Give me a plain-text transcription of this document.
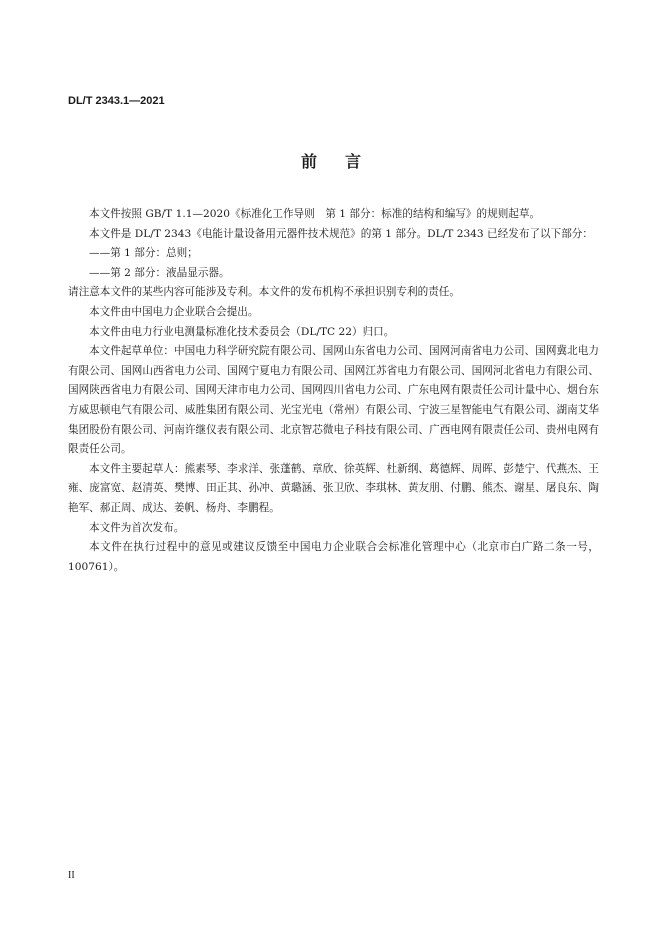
DL/T 2343.1—2021
前言

本文件按照 GB/T 1.1—2020《标准化工作导则　第 1 部分：标准的结构和编写》的规则起草。

本文件是 DL/T 2343《电能计量设备用元器件技术规范》的第 1 部分。DL/T 2343 已经发布了以下部分：

——第 1 部分：总则；

——第 2 部分：液晶显示器。

请注意本文件的某些内容可能涉及专利。本文件的发布机构不承担识别专利的责任。

本文件由中国电力企业联合会提出。

本文件由电力行业电测量标准化技术委员会（DL/TC 22）归口。

本文件起草单位：中国电力科学研究院有限公司、国网山东省电力公司、国网河南省电力公司、国网冀北电力有限公司、国网山西省电力公司、国网宁夏电力有限公司、国网江苏省电力有限公司、国网河北省电力有限公司、国网陕西省电力有限公司、国网天津市电力公司、国网四川省电力公司、广东电网有限责任公司计量中心、烟台东方威思顿电气有限公司、威胜集团有限公司、光宝光电（常州）有限公司、宁波三星智能电气有限公司、湖南艾华集团股份有限公司、河南许继仪表有限公司、北京智芯微电子科技有限公司、广西电网有限责任公司、贵州电网有限责任公司。

本文件主要起草人：熊素琴、李求洋、张蓬鹤、章欣、徐英辉、杜新纲、葛德辉、周晖、彭楚宁、代燕杰、王雍、庞富宽、赵清英、樊博、田正其、孙冲、黄璐涵、张卫欣、李琪林、黄友朋、付鹏、熊杰、谢星、屠良东、陶艳军、郝正周、成达、姜帆、杨舟、李鹏程。

本文件为首次发布。

本文件在执行过程中的意见或建议反馈至中国电力企业联合会标准化管理中心（北京市白广路二条一号，100761）。

II
